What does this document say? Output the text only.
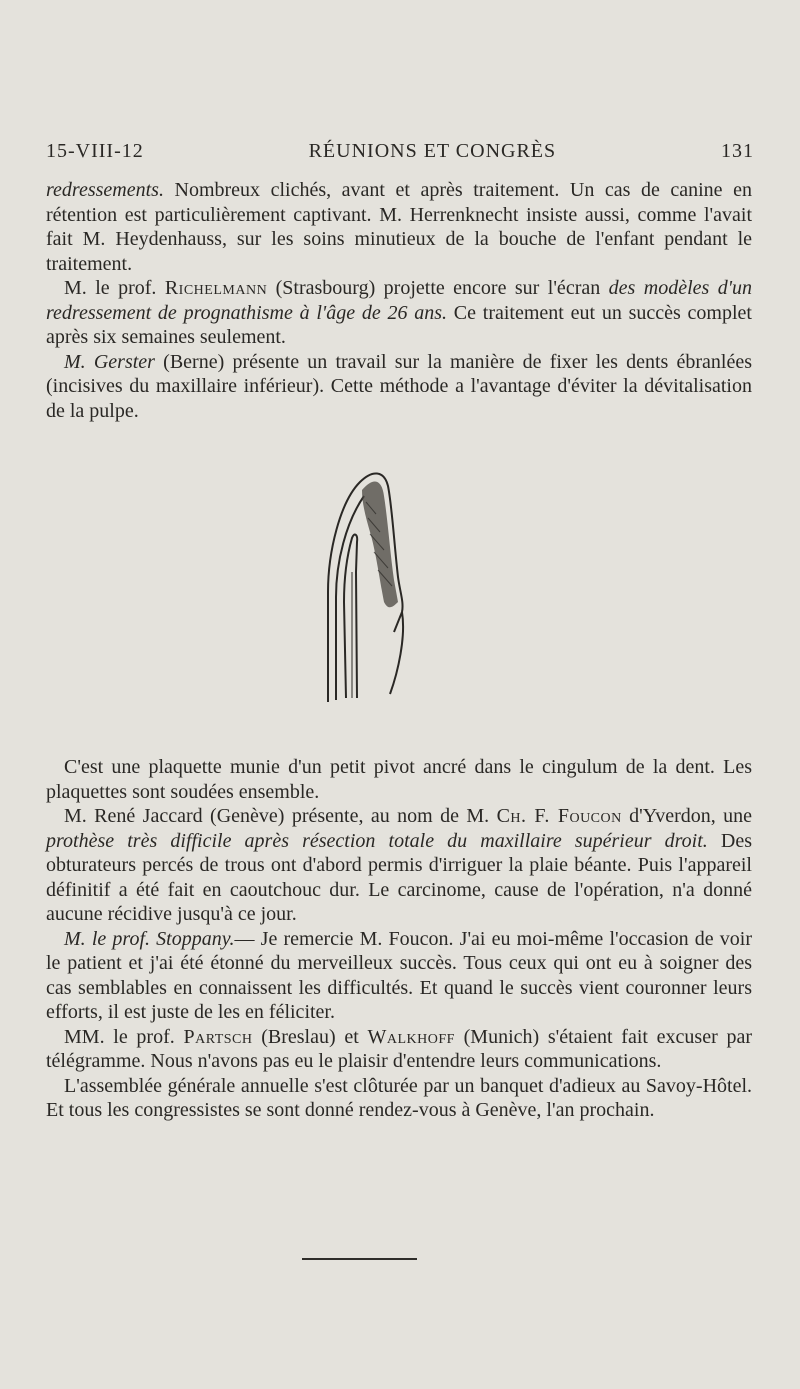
15-VIII-12	RÉUNIONS ET CONGRÈS	131

redressements. Nombreux clichés, avant et après traitement. Un cas de canine en rétention est particulièrement captivant. M. Herrenknecht insiste aussi, comme l'avait fait M. Heydenhauss, sur les soins minutieux de la bouche de l'enfant pendant le traitement.

M. le prof. Richelmann (Strasbourg) projette encore sur l'écran des modèles d'un redressement de prognathisme à l'âge de 26 ans. Ce traitement eut un succès complet après six semaines seulement.

M. Gerster (Berne) présente un travail sur la manière de fixer les dents ébranlées (incisives du maxillaire inférieur). Cette méthode a l'avantage d'éviter la dévitalisation de la pulpe.

C'est une plaquette munie d'un petit pivot ancré dans le cingulum de la dent. Les plaquettes sont soudées ensemble.

M. René Jaccard (Genève) présente, au nom de M. Ch. F. Foucon d'Yverdon, une prothèse très difficile après résection totale du maxillaire supérieur droit. Des obturateurs percés de trous ont d'abord permis d'irriguer la plaie béante. Puis l'appareil définitif a été fait en caoutchouc dur. Le carcinome, cause de l'opération, n'a donné aucune récidive jusqu'à ce jour.

M. le prof. Stoppany.— Je remercie M. Foucon. J'ai eu moi-même l'occasion de voir le patient et j'ai été étonné du merveilleux succès. Tous ceux qui ont eu à soigner des cas semblables en connaissent les difficultés. Et quand le succès vient couronner leurs efforts, il est juste de les en féliciter.

MM. le prof. Partsch (Breslau) et Walkhoff (Munich) s'étaient fait excuser par télégramme. Nous n'avons pas eu le plaisir d'entendre leurs communications.

L'assemblée générale annuelle s'est clôturée par un banquet d'adieux au Savoy-Hôtel. Et tous les congressistes se sont donné rendez-vous à Genève, l'an prochain.
